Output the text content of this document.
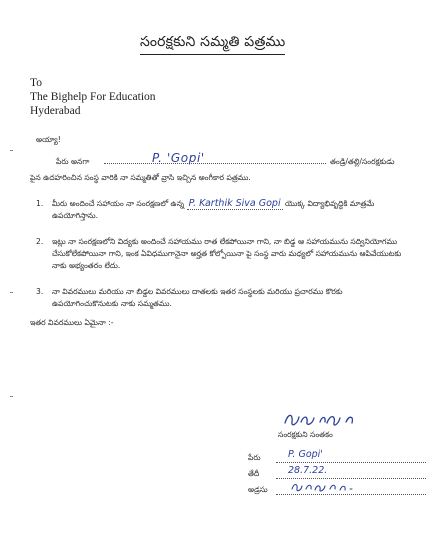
సంరక్షకుని సమ్మతి పత్రము
To
The Bighelp For Education
Hyderabad
అయ్యా!
పేరు అనగా	P. 'Gopi'	తండ్రి/తల్లి/సంరక్షకుడు
పైన ఉదహరించిన సంస్థ వారికి నా సమ్మతితో వ్రాసి ఇచ్చిన అంగీకార పత్రము.
1. మీరు అందించే సహాయం నా సంరక్షణలో ఉన్న P. Karthik Siva Gopi యొక్క విద్యాభివృద్ధికి మాత్రమే ఉపయోగిస్తాను.
2. ఇట్లు నా సంరక్షణలోని విద్యకు అందించే సహాయము రాత లేకపోయినా గాని, నా బిడ్డ ఆ సహాయమును సద్వినియోగము చేసుకోలేకపోయినా గాని, ఇంక ఏవిధముగానైనా అర్హత కోల్పోయినా పై సంస్థ వారు మధ్యలో సహాయమును ఆపివేయుటకు నాకు అభ్యంతరం లేదు.
3. నా వివరములు మరియు నా బిడ్డల వివరములు దాతలకు ఇతర సంస్థలకు మరియు ప్రచారము కొరకు ఉపయోగించుకొనుటకు నాకు సమ్మతము.
ఇతర వివరములు ఏమైనా :-
సంరక్షకుని సంతకం
పేరు	P. Gopi'
తేదీ	28.7.22.
అడ్రసు
